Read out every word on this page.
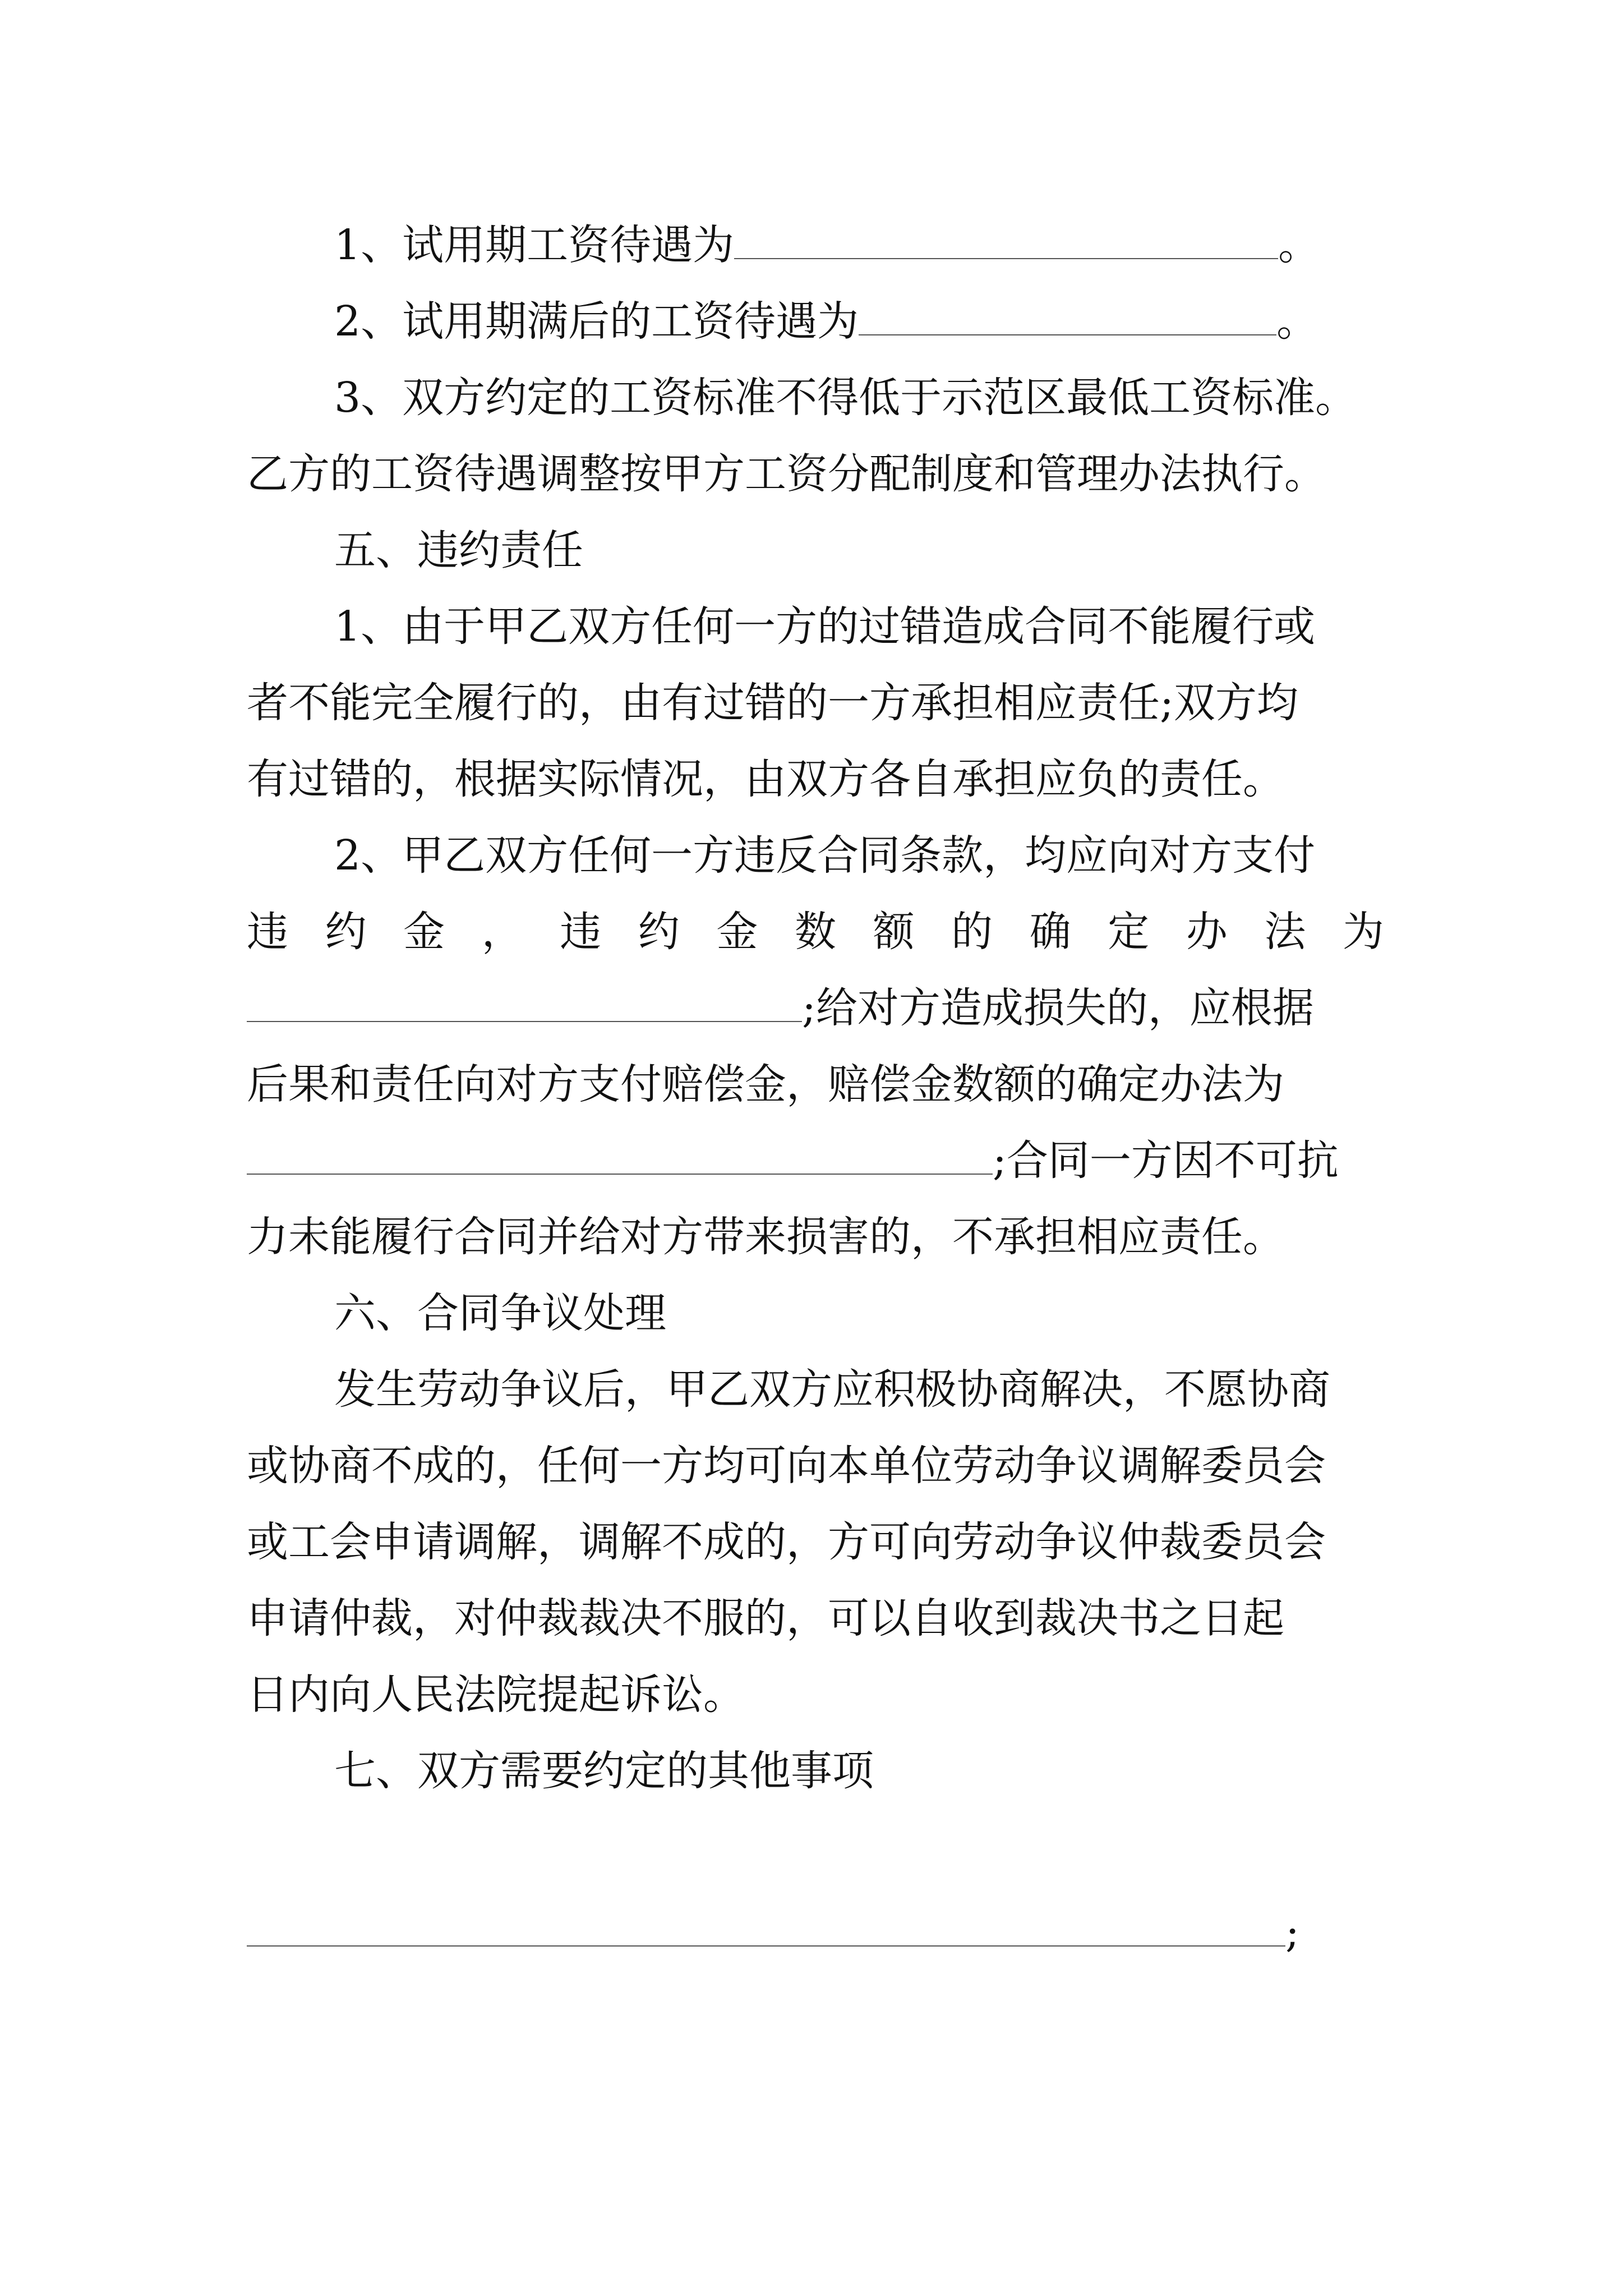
1、试用期工资待遇为	。
2、试用期满后的工资待遇为	。
3、双方约定的工资标准不得低于示范区最低工资标准。
乙方的工资待遇调整按甲方工资分配制度和管理办法执行。
五、违约责任
1、由于甲乙双方任何一方的过错造成合同不能履行或
者不能完全履行的，由有过错的一方承担相应责任;双方均
有过错的，根据实际情况，由双方各自承担应负的责任。
2、甲乙双方任何一方违反合同条款，均应向对方支付
违约金，违约金数额的确定办法为
;给对方造成损失的，应根据
后果和责任向对方支付赔偿金，赔偿金数额的确定办法为
;合同一方因不可抗
力未能履行合同并给对方带来损害的，不承担相应责任。
六、合同争议处理
发生劳动争议后，甲乙双方应积极协商解决，不愿协商
或协商不成的，任何一方均可向本单位劳动争议调解委员会
或工会申请调解，调解不成的，方可向劳动争议仲裁委员会
申请仲裁，对仲裁裁决不服的，可以自收到裁决书之日起
日内向人民法院提起诉讼。
七、双方需要约定的其他事项
;
